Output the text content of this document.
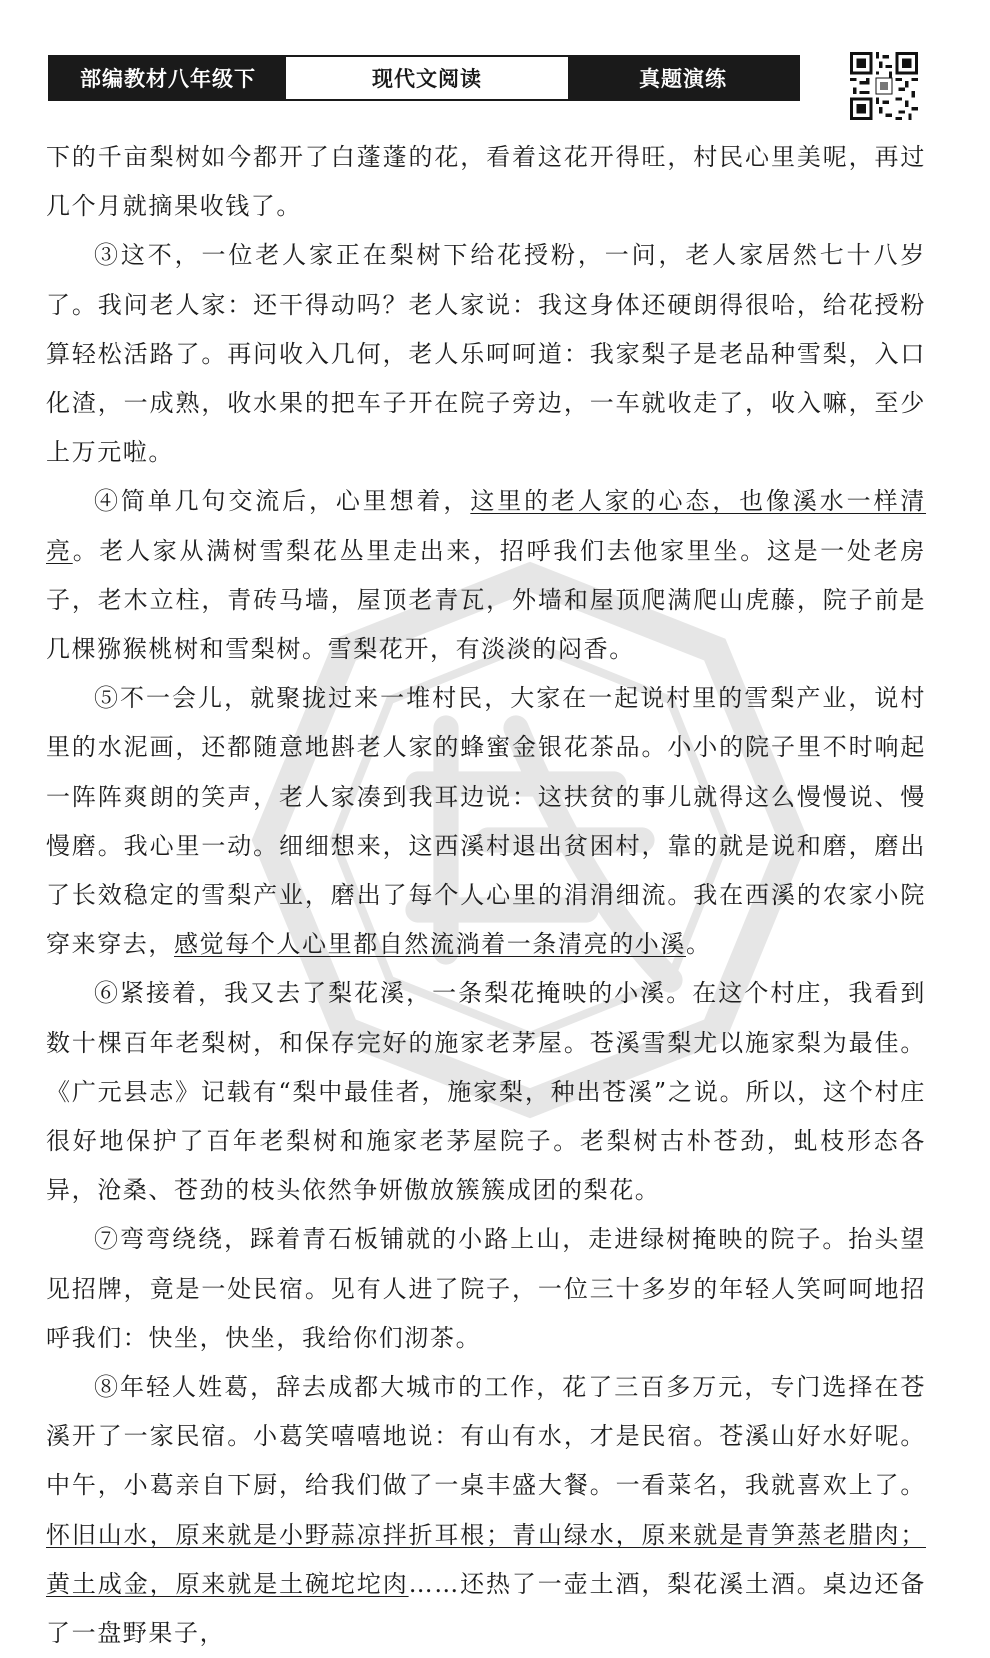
部编教材八年级下	现代文阅读	真题演练

下的千亩梨树如今都开了白蓬蓬的花，看着这花开得旺，村民心里美呢，再过几个月就摘果收钱了。

③这不，一位老人家正在梨树下给花授粉，一问，老人家居然七十八岁了。我问老人家：还干得动吗？老人家说：我这身体还硬朗得很哈，给花授粉算轻松活路了。再问收入几何，老人乐呵呵道：我家梨子是老品种雪梨，入口化渣，一成熟，收水果的把车子开在院子旁边，一车就收走了，收入嘛，至少上万元啦。

④简单几句交流后，心里想着，这里的老人家的心态，也像溪水一样清亮。老人家从满树雪梨花丛里走出来，招呼我们去他家里坐。这是一处老房子，老木立柱，青砖马墙，屋顶老青瓦，外墙和屋顶爬满爬山虎藤，院子前是几棵猕猴桃树和雪梨树。雪梨花开，有淡淡的闷香。

⑤不一会儿，就聚拢过来一堆村民，大家在一起说村里的雪梨产业，说村里的水泥画，还都随意地斟老人家的蜂蜜金银花茶品。小小的院子里不时响起一阵阵爽朗的笑声，老人家凑到我耳边说：这扶贫的事儿就得这么慢慢说、慢慢磨。我心里一动。细细想来，这西溪村退出贫困村，靠的就是说和磨，磨出了长效稳定的雪梨产业，磨出了每个人心里的涓涓细流。我在西溪的农家小院穿来穿去，感觉每个人心里都自然流淌着一条清亮的小溪。

⑥紧接着，我又去了梨花溪，一条梨花掩映的小溪。在这个村庄，我看到数十棵百年老梨树，和保存完好的施家老茅屋。苍溪雪梨尤以施家梨为最佳。《广元县志》记载有“梨中最佳者，施家梨，种出苍溪”之说。所以，这个村庄很好地保护了百年老梨树和施家老茅屋院子。老梨树古朴苍劲，虬枝形态各异，沧桑、苍劲的枝头依然争妍傲放簇簇成团的梨花。

⑦弯弯绕绕，踩着青石板铺就的小路上山，走进绿树掩映的院子。抬头望见招牌，竟是一处民宿。见有人进了院子，一位三十多岁的年轻人笑呵呵地招呼我们：快坐，快坐，我给你们沏茶。

⑧年轻人姓葛，辞去成都大城市的工作，花了三百多万元，专门选择在苍溪开了一家民宿。小葛笑嘻嘻地说：有山有水，才是民宿。苍溪山好水好呢。中午，小葛亲自下厨，给我们做了一桌丰盛大餐。一看菜名，我就喜欢上了。怀旧山水，原来就是小野蒜凉拌折耳根；青山绿水，原来就是青笋蒸老腊肉；黄土成金，原来就是土碗坨坨肉……还热了一壶土酒，梨花溪土酒。桌边还备了一盘野果子，
